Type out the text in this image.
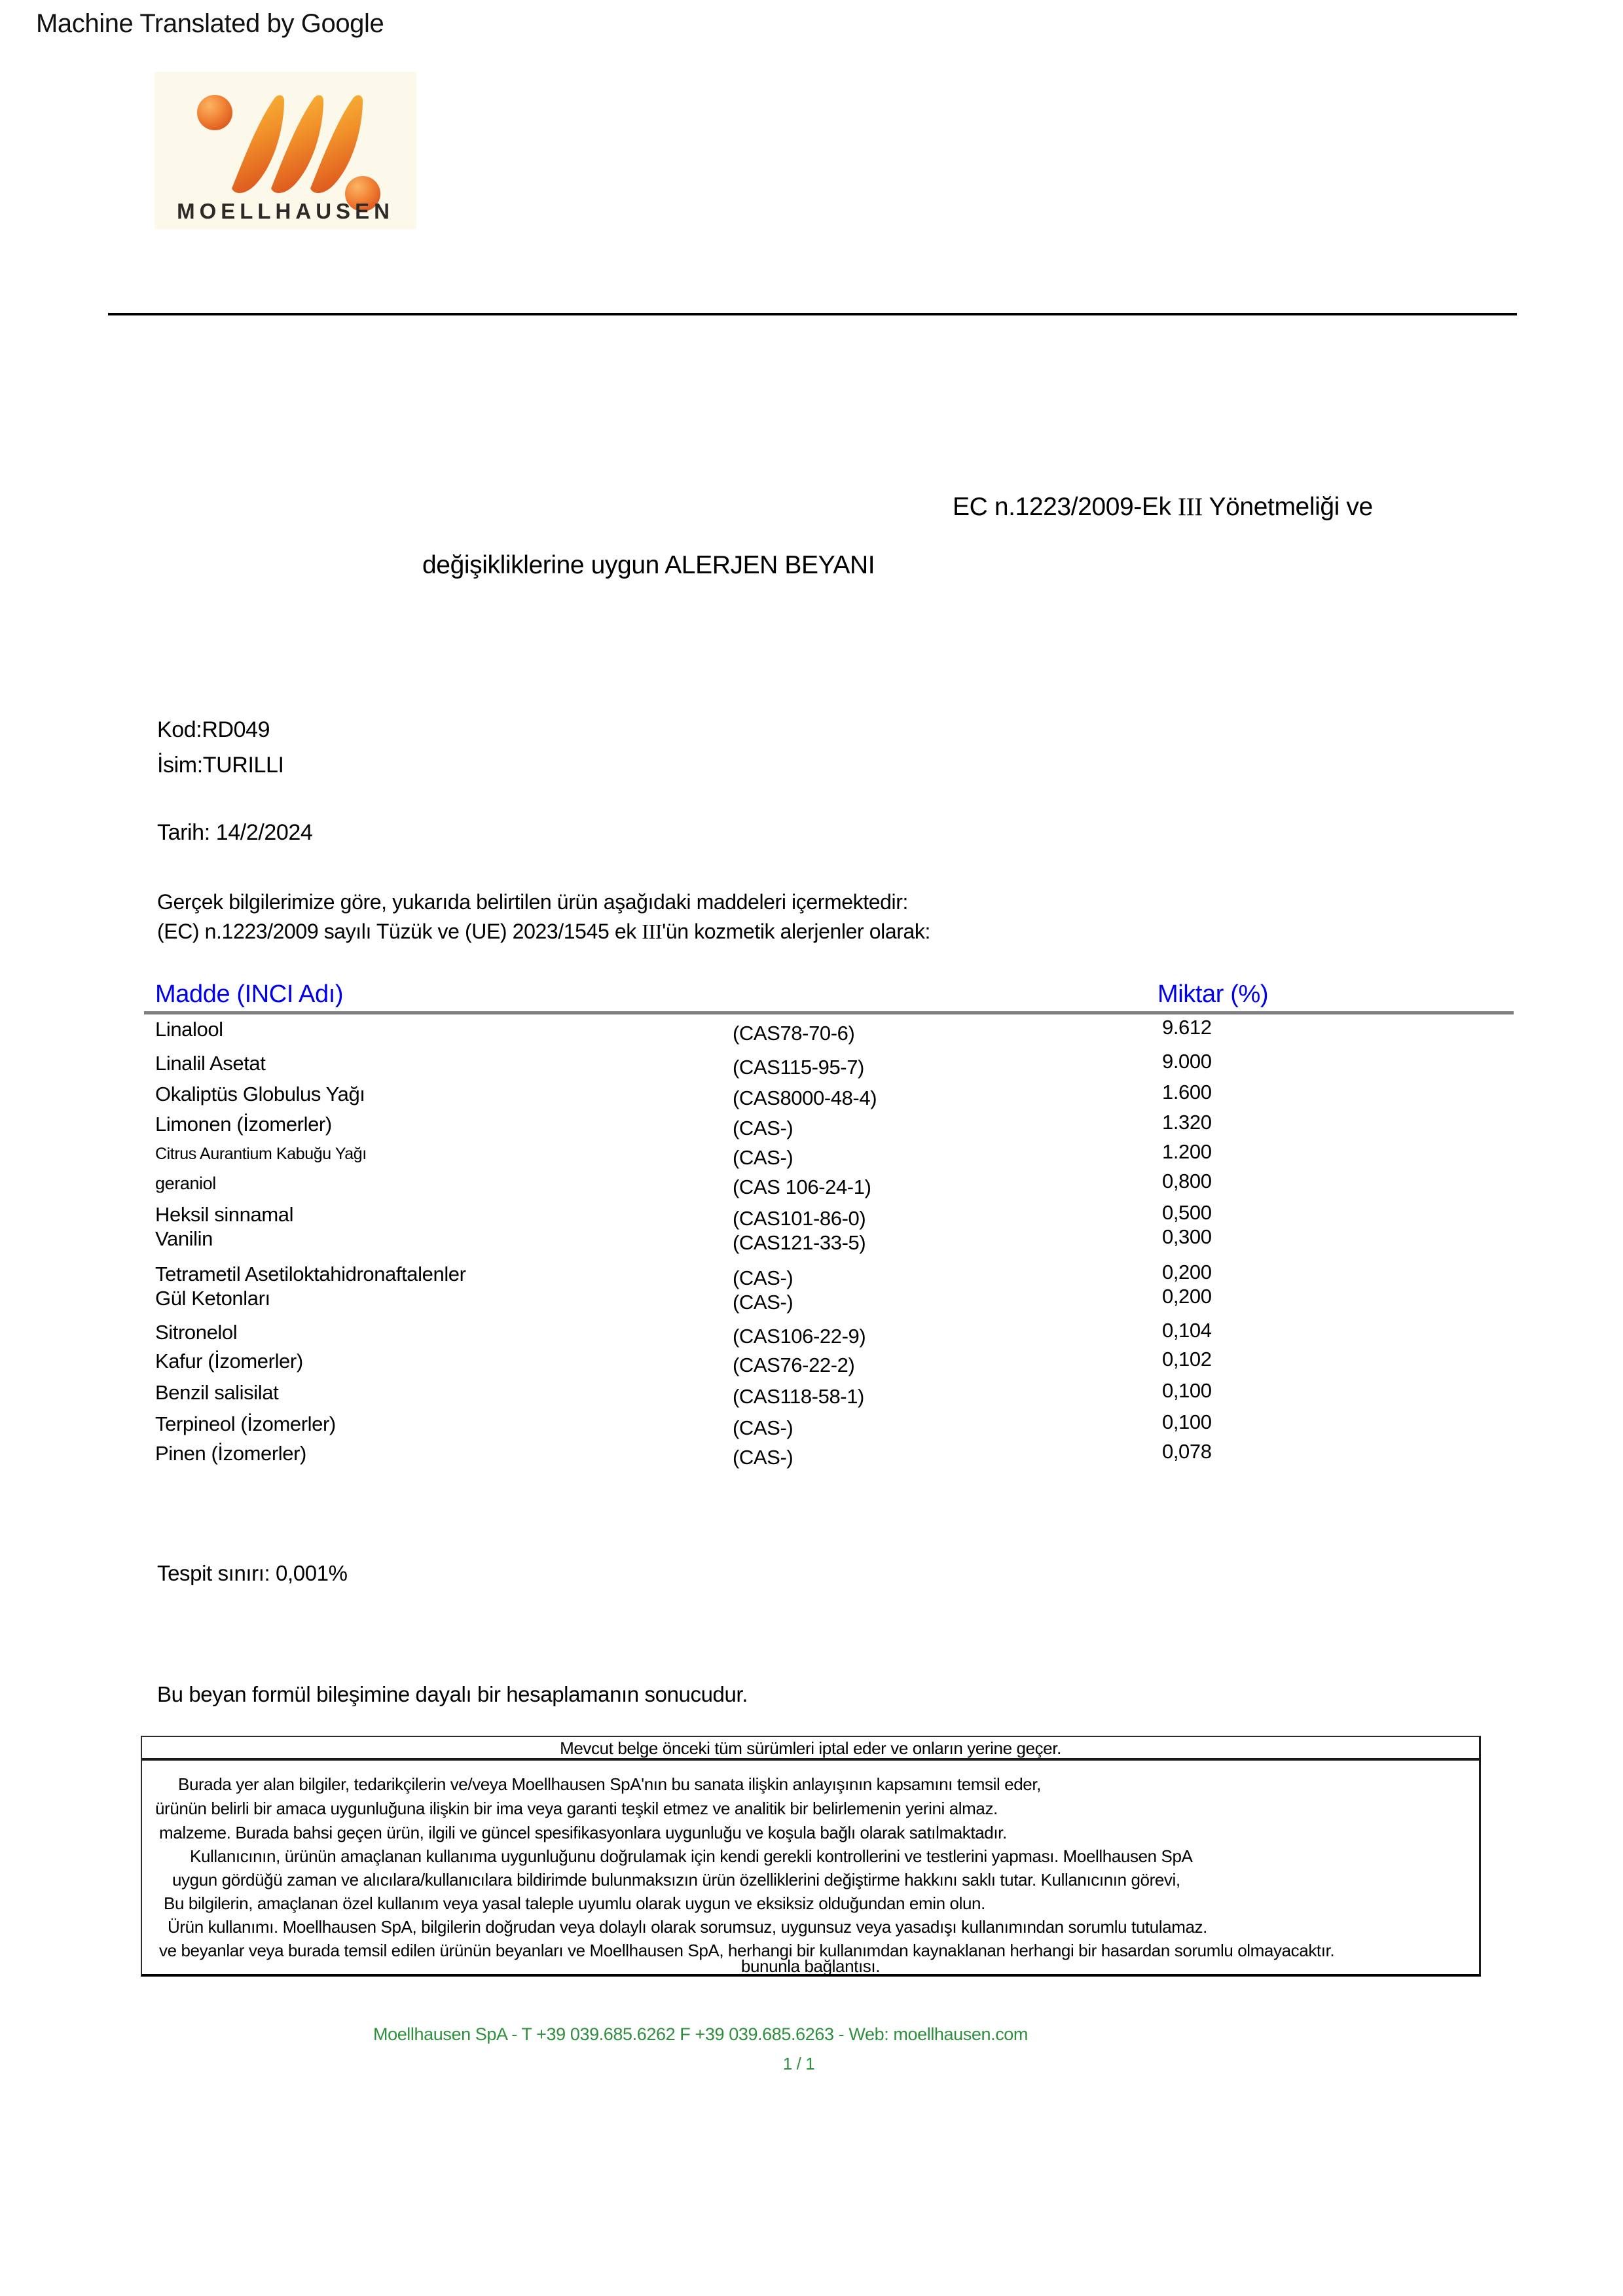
Machine Translated by Google
MOELLHAUSEN
EC n.1223/2009-Ek III Yönetmeliği ve
değişikliklerine uygun ALERJEN BEYANI
Kod:RD049
İsim:TURILLI
Tarih: 14/2/2024
Gerçek bilgilerimize göre, yukarıda belirtilen ürün aşağıdaki maddeleri içermektedir:
(EC) n.1223/2009 sayılı Tüzük ve (UE) 2023/1545 ek III'ün kozmetik alerjenler olarak:
Madde (INCI Adı)	Miktar (%)
Linalool	(CAS78-70-6)	9.612
Linalil Asetat	(CAS115-95-7)	9.000
Okaliptüs Globulus Yağı	(CAS8000-48-4)	1.600
Limonen (İzomerler)	(CAS-)	1.320
Citrus Aurantium Kabuğu Yağı	(CAS-)	1.200
geraniol	(CAS 106-24-1)	0,800
Heksil sinnamal	(CAS101-86-0)	0,500
Vanilin	(CAS121-33-5)	0,300
Tetrametil Asetiloktahidronaftalenler	(CAS-)	0,200
Gül Ketonları	(CAS-)	0,200
Sitronelol	(CAS106-22-9)	0,104
Kafur (İzomerler)	(CAS76-22-2)	0,102
Benzil salisilat	(CAS118-58-1)	0,100
Terpineol (İzomerler)	(CAS-)	0,100
Pinen (İzomerler)	(CAS-)	0,078
Tespit sınırı: 0,001%
Bu beyan formül bileşimine dayalı bir hesaplamanın sonucudur.
Mevcut belge önceki tüm sürümleri iptal eder ve onların yerine geçer.
Burada yer alan bilgiler, tedarikçilerin ve/veya Moellhausen SpA'nın bu sanata ilişkin anlayışının kapsamını temsil eder,
ürünün belirli bir amaca uygunluğuna ilişkin bir ima veya garanti teşkil etmez ve analitik bir belirlemenin yerini almaz.
malzeme. Burada bahsi geçen ürün, ilgili ve güncel spesifikasyonlara uygunluğu ve koşula bağlı olarak satılmaktadır.
Kullanıcının, ürünün amaçlanan kullanıma uygunluğunu doğrulamak için kendi gerekli kontrollerini ve testlerini yapması. Moellhausen SpA
uygun gördüğü zaman ve alıcılara/kullanıcılara bildirimde bulunmaksızın ürün özelliklerini değiştirme hakkını saklı tutar. Kullanıcının görevi,
Bu bilgilerin, amaçlanan özel kullanım veya yasal taleple uyumlu olarak uygun ve eksiksiz olduğundan emin olun.
Ürün kullanımı. Moellhausen SpA, bilgilerin doğrudan veya dolaylı olarak sorumsuz, uygunsuz veya yasadışı kullanımından sorumlu tutulamaz.
ve beyanlar veya burada temsil edilen ürünün beyanları ve Moellhausen SpA, herhangi bir kullanımdan kaynaklanan herhangi bir hasardan sorumlu olmayacaktır.
bununla bağlantısı.
Moellhausen SpA - T +39 039.685.6262 F +39 039.685.6263 - Web: moellhausen.com
1 / 1
